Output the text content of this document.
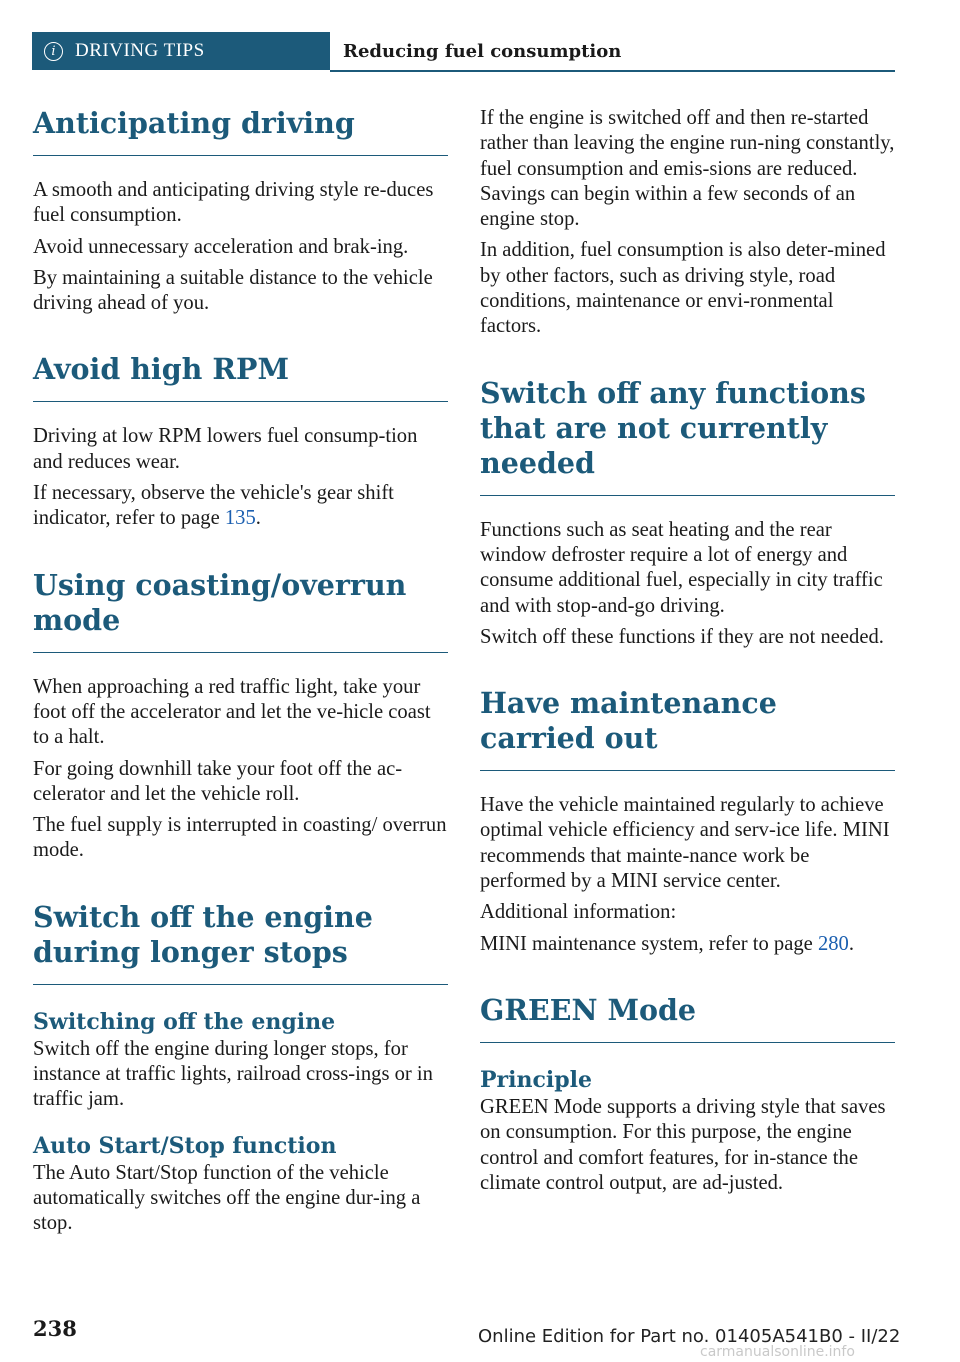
i	DRIVING TIPS	Reducing fuel consumption
Anticipating driving

A smooth and anticipating driving style re‐duces fuel consumption.

Avoid unnecessary acceleration and brak‐ing.

By maintaining a suitable distance to the vehicle driving ahead of you.

Avoid high RPM

Driving at low RPM lowers fuel consump‐tion and reduces wear.

If necessary, observe the vehicle's gear shift indicator, refer to page 135.

Using coasting/overrun mode

When approaching a red traffic light, take your foot off the accelerator and let the ve‐hicle coast to a halt.

For going downhill take your foot off the ac‐celerator and let the vehicle roll.

The fuel supply is interrupted in coasting/ overrun mode.

Switch off the engine during longer stops
Switching off the engine

Switch off the engine during longer stops, for instance at traffic lights, railroad cross‐ings or in traffic jam.

Auto Start/Stop function

The Auto Start/Stop function of the vehicle automatically switches off the engine dur‐ing a stop.

If the engine is switched off and then re‐started rather than leaving the engine run‐ning constantly, fuel consumption and emis‐sions are reduced. Savings can begin within a few seconds of an engine stop.

In addition, fuel consumption is also deter‐mined by other factors, such as driving style, road conditions, maintenance or envi‐ronmental factors.

Switch off any functions that are not currently needed

Functions such as seat heating and the rear window defroster require a lot of energy and consume additional fuel, especially in city traffic and with stop-and-go driving.

Switch off these functions if they are not needed.

Have maintenance carried out

Have the vehicle maintained regularly to achieve optimal vehicle efficiency and serv‐ice life. MINI recommends that mainte‐nance work be performed by a MINI service center.

Additional information:

MINI maintenance system, refer to page 280.

GREEN Mode
Principle

GREEN Mode supports a driving style that saves on consumption. For this purpose, the engine control and comfort features, for in‐stance the climate control output, are ad‐justed.

238	Online Edition for Part no. 01405A541B0 - II/22
carmanualsonline.info
